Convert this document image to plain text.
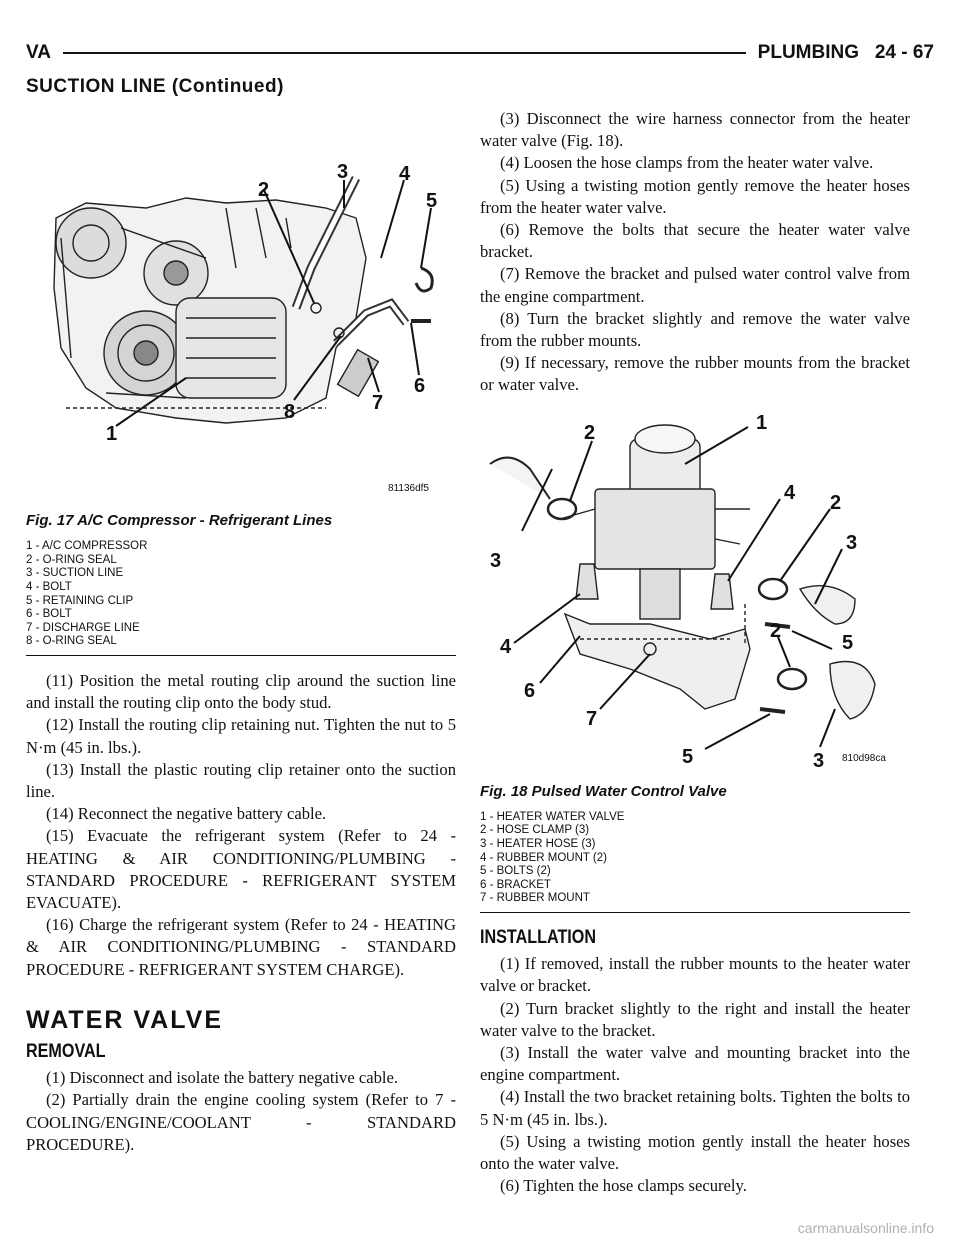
VA	PLUMBING   24 - 67
SUCTION LINE (Continued)
2
3	4
5
6
7
8
1
81136df5
Fig. 17 A/C Compressor - Refrigerant Lines
1 - A/C COMPRESSOR
2 - O-RING SEAL
3 - SUCTION LINE
4 - BOLT
5 - RETAINING CLIP
6 - BOLT
7 - DISCHARGE LINE
8 - O-RING SEAL

(11) Position the metal routing clip around the suction line and install the routing clip onto the body stud.

(12) Install the routing clip retaining nut. Tighten the nut to 5 N·m (45 in. lbs.).

(13) Install the plastic routing clip retainer onto the suction line.

(14) Reconnect the negative battery cable.

(15) Evacuate the refrigerant system (Refer to 24 - HEATING & AIR CONDITIONING/PLUMBING - STANDARD PROCEDURE - REFRIGERANT SYSTEM EVACUATE).

(16) Charge the refrigerant system (Refer to 24 - HEATING & AIR CONDITIONING/PLUMBING - STANDARD PROCEDURE - REFRIGERANT SYSTEM CHARGE).

WATER VALVE
REMOVAL

(1) Disconnect and isolate the battery negative cable.

(2) Partially drain the engine cooling system (Refer to 7 - COOLING/ENGINE/COOLANT - STANDARD PROCEDURE).

(3) Disconnect the wire harness connector from the heater water valve (Fig. 18).

(4) Loosen the hose clamps from the heater water valve.

(5) Using a twisting motion gently remove the heater hoses from the heater water valve.

(6) Remove the bolts that secure the heater water valve bracket.

(7) Remove the bracket and pulsed water control valve from the engine compartment.

(8) Turn the bracket slightly and remove the water valve from the rubber mounts.

(9) If necessary, remove the rubber mounts from the bracket or water valve.

1
2
2
3
4
2
3
5
4
6
7
5	3 810d98ca
Fig. 18 Pulsed Water Control Valve
1 - HEATER WATER VALVE
2 - HOSE CLAMP (3)
3 - HEATER HOSE (3)
4 - RUBBER MOUNT (2)
5 - BOLTS (2)
6 - BRACKET
7 - RUBBER MOUNT
INSTALLATION

(1) If removed, install the rubber mounts to the heater water valve or bracket.

(2) Turn bracket slightly to the right and install the heater water valve to the bracket.

(3) Install the water valve and mounting bracket into the engine compartment.

(4) Install the two bracket retaining bolts. Tighten the bolts to 5 N·m (45 in. lbs.).

(5) Using a twisting motion gently install the heater hoses onto the water valve.

(6) Tighten the hose clamps securely.

carmanualsonline.info
